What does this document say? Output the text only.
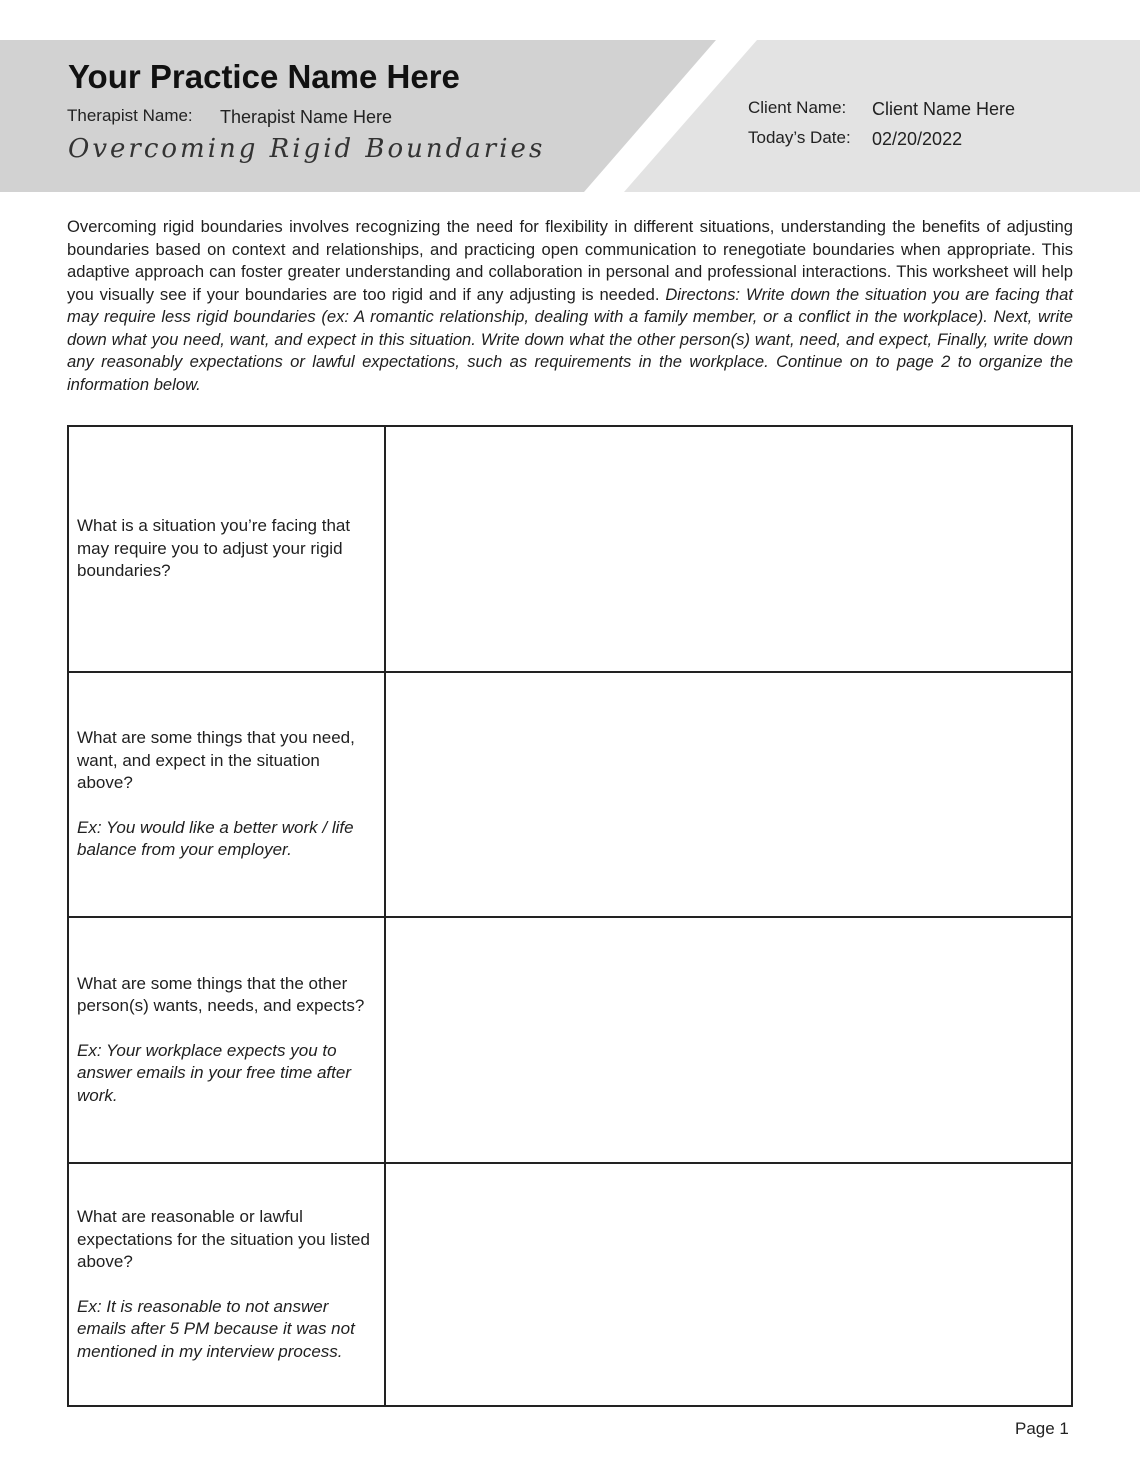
Your Practice Name Here
Therapist Name: Therapist Name Here
Overcoming Rigid Boundaries
Client Name: Client Name Here
Today’s Date: 02/20/2022
Overcoming rigid boundaries involves recognizing the need for flexibility in different situations, understanding the benefits of adjusting boundaries based on context and relationships, and practicing open communication to renegotiate boundaries when appropriate. This adaptive approach can foster greater understanding and collaboration in personal and professional interactions. This worksheet will help you visually see if your boundaries are too rigid and if any adjusting is needed. Directons: Write down the situation you are facing that may require less rigid boundaries (ex: A romantic relationship, dealing with a family member, or a conflict in the workplace). Next, write down what you need, want, and expect in this situation. Write down what the other person(s) want, need, and expect, Finally, write down any reasonably expectations or lawful expectations, such as requirements in the workplace. Continue on to page 2 to organize the information below.
What is a situation you’re facing that may require you to adjust your rigid boundaries?
What are some things that you need, want, and expect in the situation above?
Ex: You would like a better work / life balance from your employer.
What are some things that the other person(s) wants, needs, and expects?
Ex: Your workplace expects you to answer emails in your free time after work.
What are reasonable or lawful expectations for the situation you listed above?
Ex: It is reasonable to not answer emails after 5 PM because it was not mentioned in my interview process.
Page 1
